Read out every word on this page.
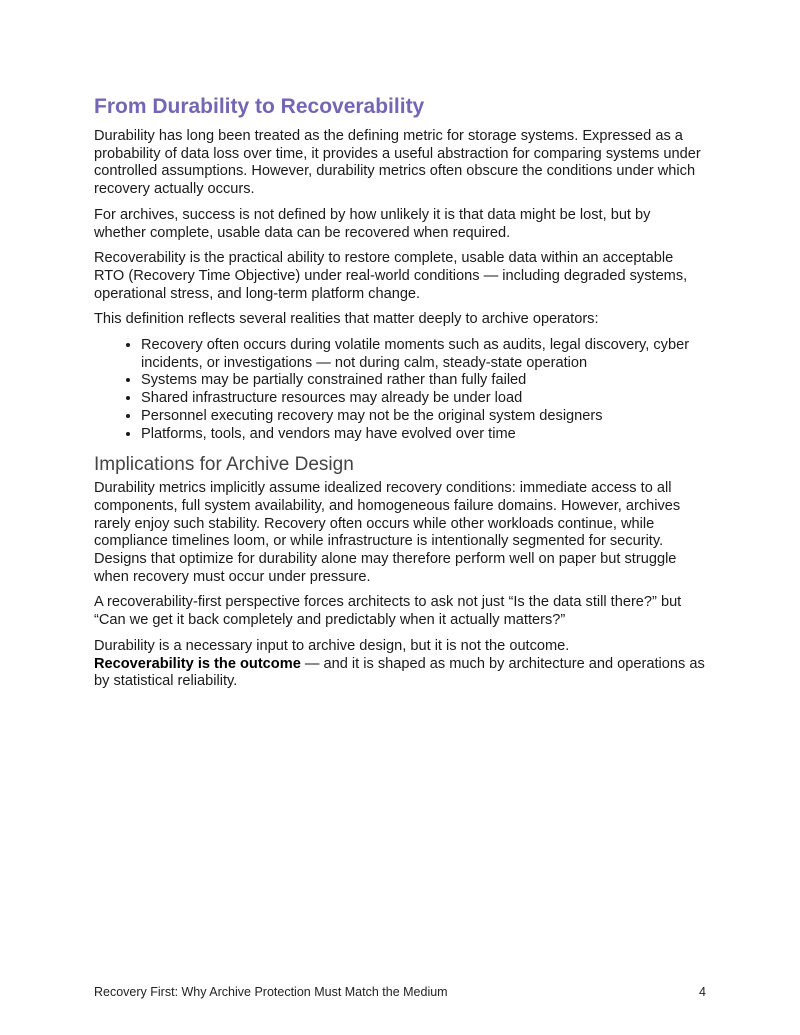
From Durability to Recoverability

Durability has long been treated as the defining metric for storage systems. Expressed as a probability of data loss over time, it provides a useful abstraction for comparing systems under controlled assumptions. However, durability metrics often obscure the conditions under which recovery actually occurs.

For archives, success is not defined by how unlikely it is that data might be lost, but by whether complete, usable data can be recovered when required.

Recoverability is the practical ability to restore complete, usable data within an acceptable RTO (Recovery Time Objective) under real-world conditions — including degraded systems, operational stress, and long-term platform change.

This definition reflects several realities that matter deeply to archive operators:

• Recovery often occurs during volatile moments such as audits, legal discovery, cyber incidents, or investigations — not during calm, steady-state operation
• Systems may be partially constrained rather than fully failed
• Shared infrastructure resources may already be under load
• Personnel executing recovery may not be the original system designers
• Platforms, tools, and vendors may have evolved over time
Implications for Archive Design

Durability metrics implicitly assume idealized recovery conditions: immediate access to all components, full system availability, and homogeneous failure domains. However, archives rarely enjoy such stability. Recovery often occurs while other workloads continue, while compliance timelines loom, or while infrastructure is intentionally segmented for security. Designs that optimize for durability alone may therefore perform well on paper but struggle when recovery must occur under pressure.

A recoverability-first perspective forces architects to ask not just “Is the data still there?” but “Can we get it back completely and predictably when it actually matters?”

Durability is a necessary input to archive design, but it is not the outcome.
Recoverability is the outcome — and it is shaped as much by architecture and operations as by statistical reliability.

Recovery First: Why Archive Protection Must Match the Medium	4
